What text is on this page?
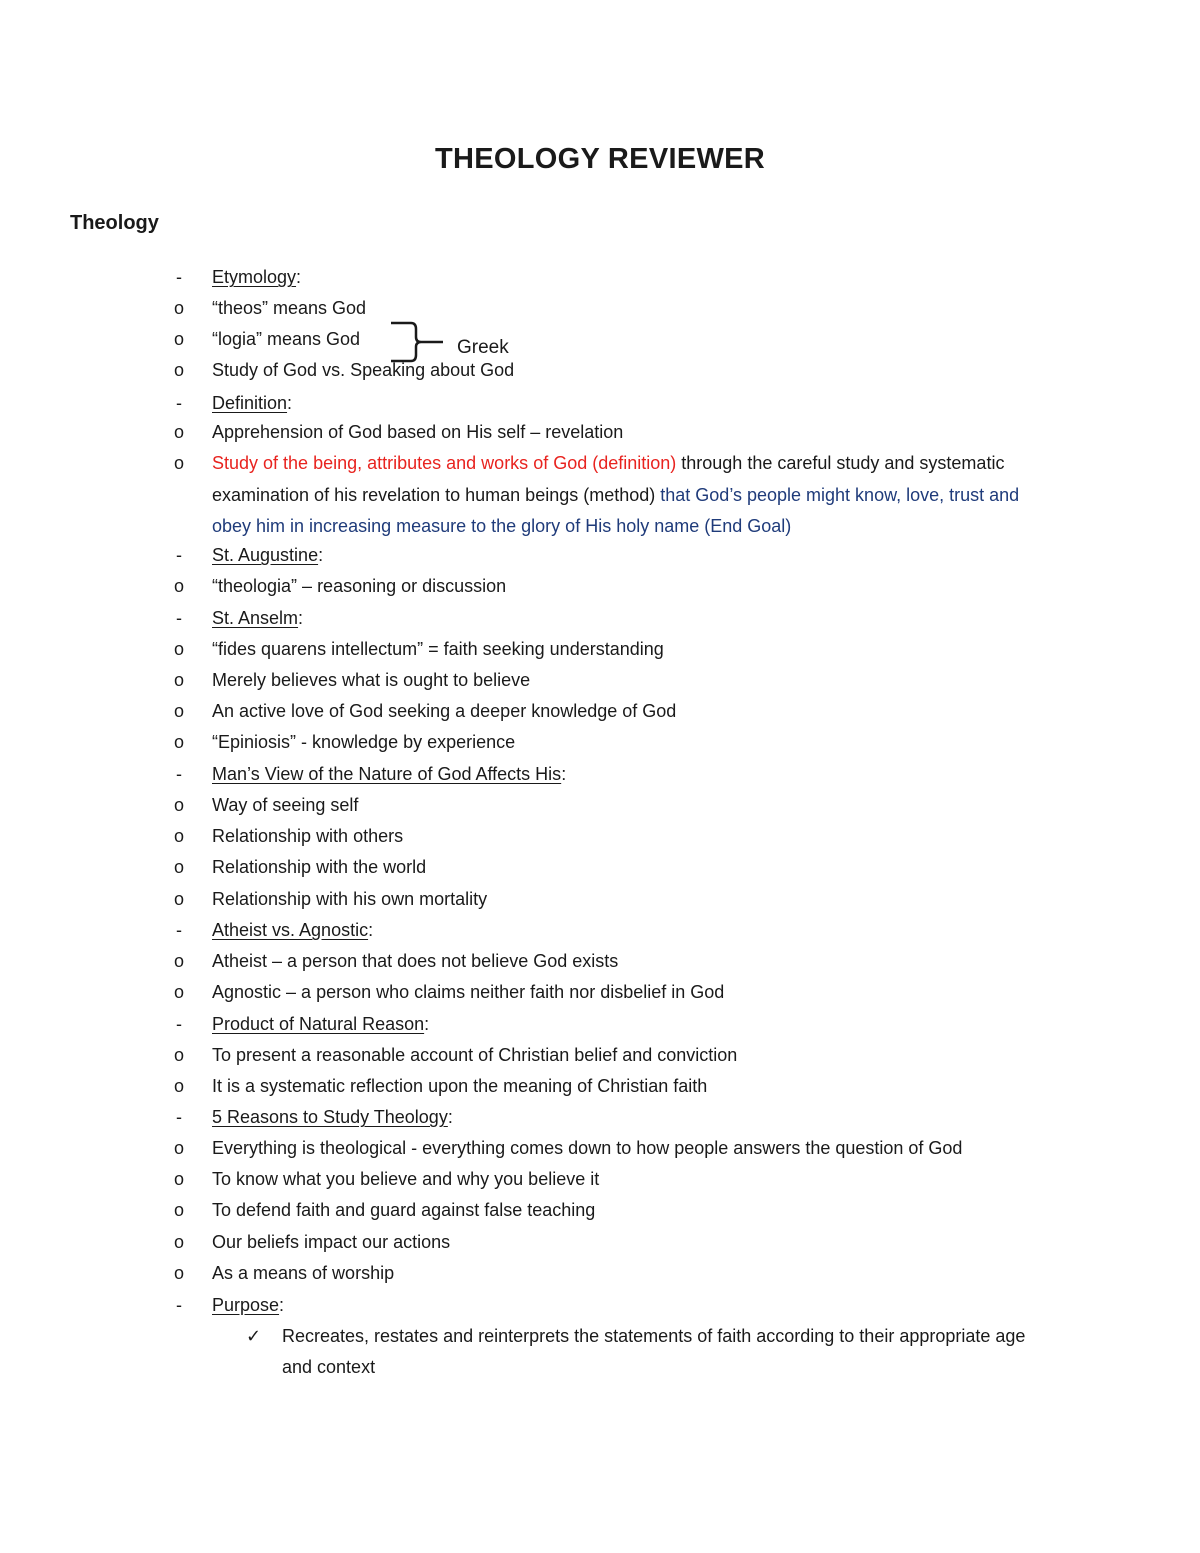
THEOLOGY REVIEWER
Theology
Greek
-	Etymology:
o	“theos” means God
o	“logia” means God
o	Study of God vs. Speaking about God
-	Definition:
o	Apprehension of God based on His self – revelation
o	Study of the being, attributes and works of God (definition) through the careful study and systematic
examination of his revelation to human beings (method) that God’s people might know, love, trust and
obey him in increasing measure to the glory of His holy name (End Goal)
-	St. Augustine:
o	“theologia” – reasoning or discussion
-	St. Anselm:
o	“fides quarens intellectum” = faith seeking understanding
o	Merely believes what is ought to believe
o	An active love of God seeking a deeper knowledge of God
o	“Epiniosis” - knowledge by experience
-	Man’s View of the Nature of God Affects His:
o	Way of seeing self
o	Relationship with others
o	Relationship with the world
o	Relationship with his own mortality
-	Atheist vs. Agnostic:
o	Atheist – a person that does not believe God exists
o	Agnostic – a person who claims neither faith nor disbelief in God
-	Product of Natural Reason:
o	To present a reasonable account of Christian belief and conviction
o	It is a systematic reflection upon the meaning of Christian faith
-	5 Reasons to Study Theology:
o	Everything is theological - everything comes down to how people answers the question of God
o	To know what you believe and why you believe it
o	To defend faith and guard against false teaching
o	Our beliefs impact our actions
o	As a means of worship
-	Purpose:
✓ Recreates, restates and reinterprets the statements of faith according to their appropriate age
and context
